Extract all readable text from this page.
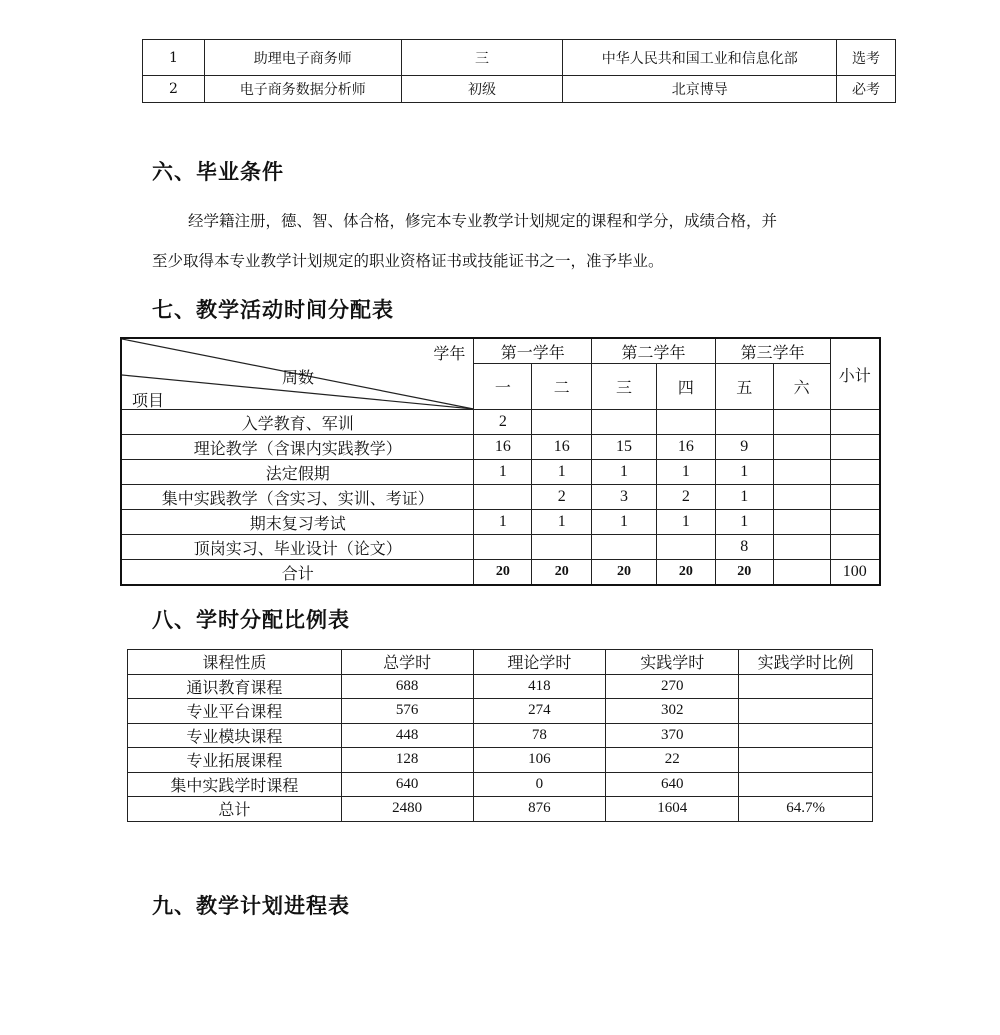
1	助理电子商务师	三	中华人民共和国工业和信息化部	选考
2	电子商务数据分析师	初级	北京博导	必考
六、毕业条件

经学籍注册，德、智、体合格，修完本专业教学计划规定的课程和学分，成绩合格，并

至少取得本专业教学计划规定的职业资格证书或技能证书之一，准予毕业。

七、教学活动时间分配表
学年
周数
项目	第一学年		第二学年		第三学年		小计
	一	二	三	四	五	六	
入学教育、军训	2						
理论教学（含课内实践教学）	16	16	15	16	9		
法定假期	1	1	1	1	1		
集中实践教学（含实习、实训、考证）		2	3	2	1		
期末复习考试	1	1	1	1	1		
顶岗实习、毕业设计（论文）					8		
合计	20	20	20	20	20		100
八、学时分配比例表
课程性质	总学时	理论学时	实践学时	实践学时比例
通识教育课程	688	418	270	
专业平台课程	576	274	302	
专业模块课程	448	78	370	
专业拓展课程	128	106	22	
集中实践学时课程	640	0	640	
总计	2480	876	1604	64.7%
九、教学计划进程表
